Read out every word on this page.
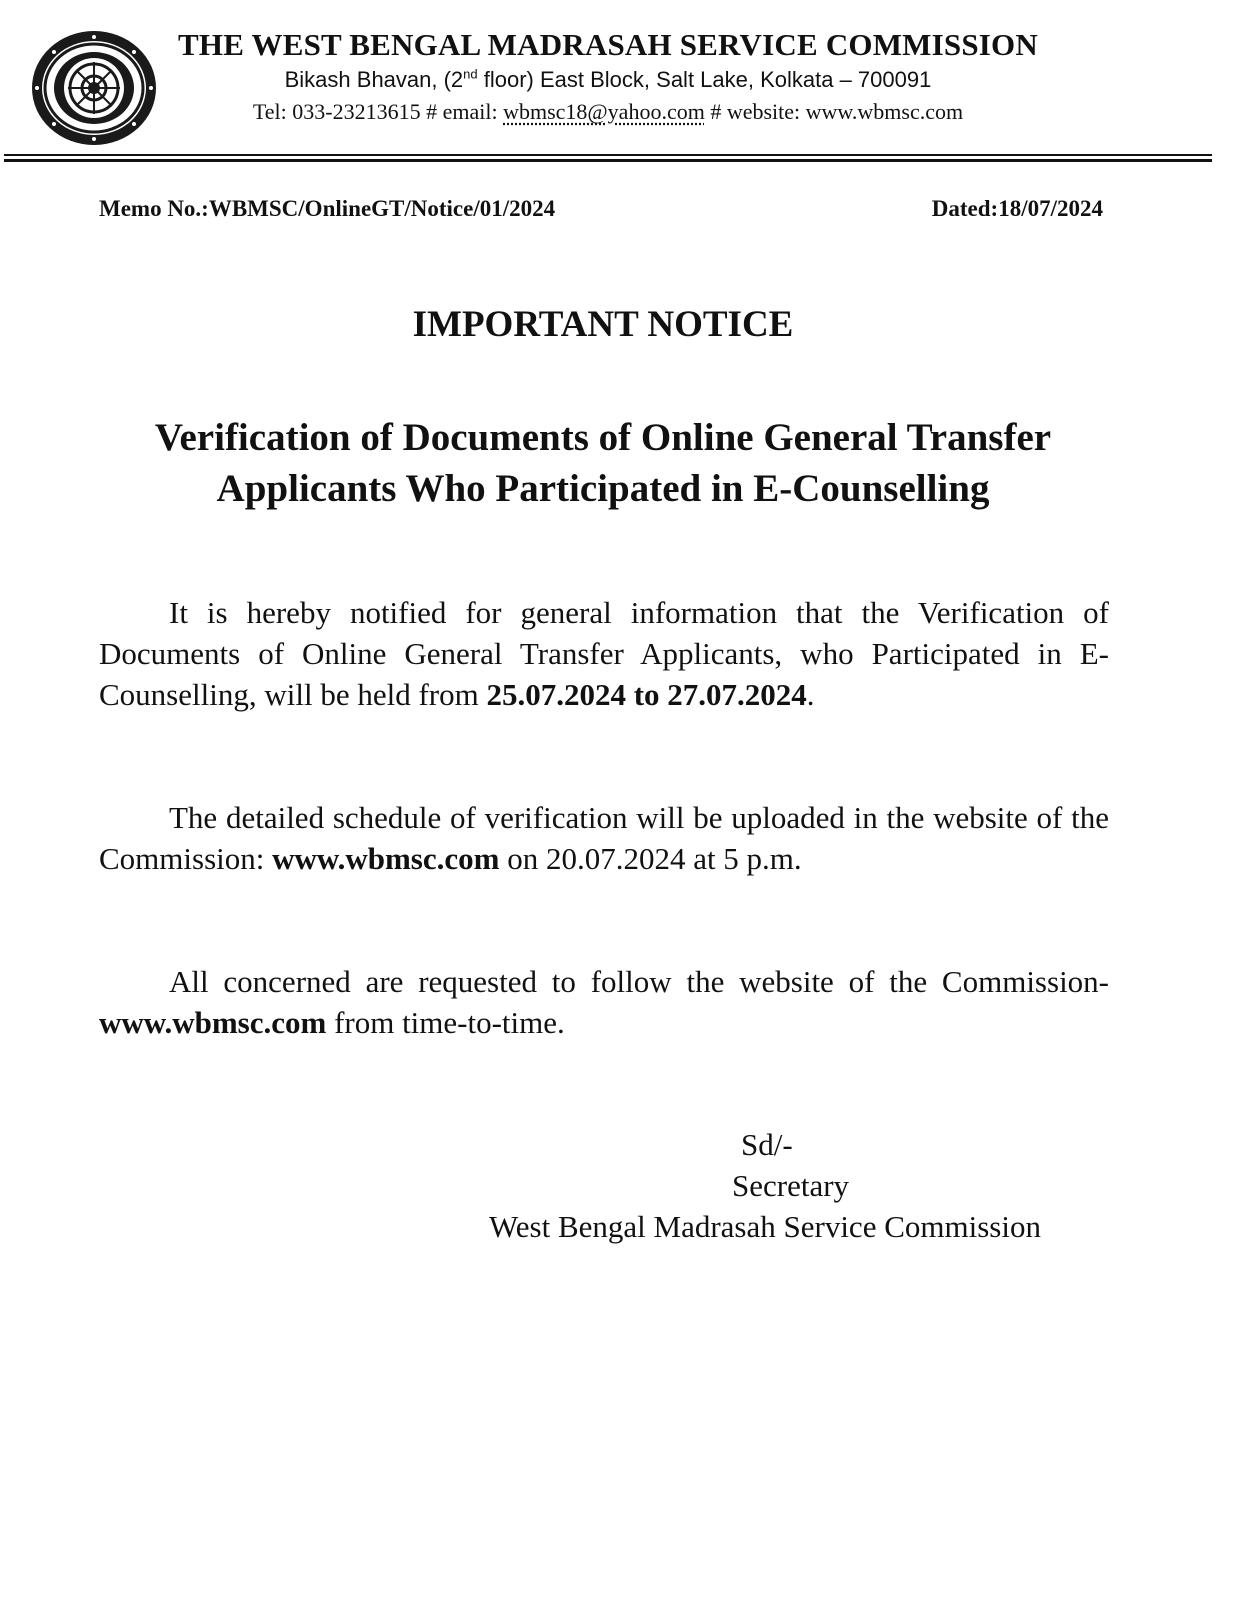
THE WEST BENGAL MADRASAH SERVICE COMMISSION
Bikash Bhavan, (2nd floor) East Block, Salt Lake, Kolkata – 700091
Tel: 033-23213615 # email: wbmsc18@yahoo.com # website: www.wbmsc.com
Memo No.:WBMSC/OnlineGT/Notice/01/2024	Dated:18/07/2024
IMPORTANT NOTICE
Verification of Documents of Online General Transfer
Applicants Who Participated in E-Counselling

It is hereby notified for general information that the Verification of Documents of Online General Transfer Applicants, who Participated in E-Counselling, will be held from 25.07.2024 to 27.07.2024.

The detailed schedule of verification will be uploaded in the website of the Commission: www.wbmsc.com on 20.07.2024 at 5 p.m.

All concerned are requested to follow the website of the Commission- www.wbmsc.com from time-to-time.

Sd/-
Secretary
West Bengal Madrasah Service Commission
